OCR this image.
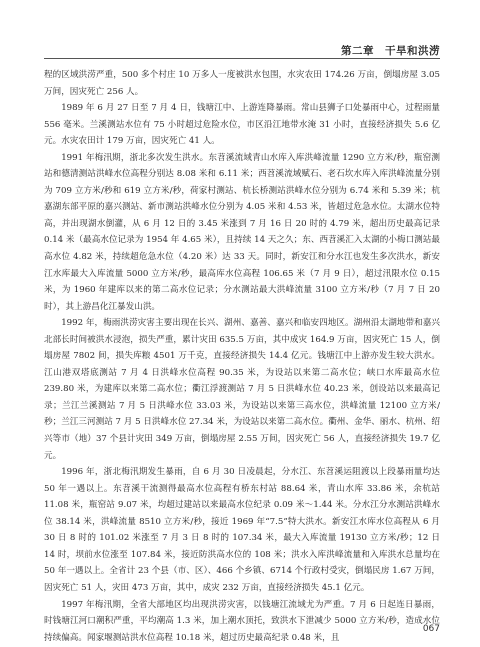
第二章　干旱和洪涝

程的区域洪涝严重，500 多个村庄 10 万多人一度被洪水包围，水灾农田 174.26 万亩，倒塌房屋 3.05 万间，因灾死亡 256 人。

1989 年 6 月 27 日至 7 月 4 日，钱塘江中、上游连降暴雨。常山县狮子口处暴雨中心，过程雨量 556 毫米。兰溪测站水位有 75 小时超过危险水位，市区沿江地带水淹 31 小时，直接经济损失 5.6 亿元。水灾农田计 179 万亩，因灾死亡 41 人。

1991 年梅汛期，浙北多次发生洪水。东苕溪流域青山水库入库洪峰流量 1290 立方米/秒，瓶窑测站和德清测站洪峰水位高程分别达 8.08 米和 6.11 米；西苕溪流域赋石、老石坎水库入库洪峰流量分别为 709 立方米/秒和 619 立方米/秒，荷家村测站、杭长桥测站洪峰水位分别为 6.74 米和 5.39 米；杭嘉湖东部平原的嘉兴测站、新市测站洪峰水位分别为 4.05 米和 4.53 米，皆超过危急水位。太湖水位特高，并出现湖水倒灌，从 6 月 12 日的 3.45 米涨到 7 月 16 日 20 时的 4.79 米，超出历史最高记录 0.14 米（最高水位记录为 1954 年 4.65 米），且持续 14 天之久；东、西苕溪汇入太湖的小梅口测站最高水位 4.82 米，持续超危急水位（4.20 米）达 33 天。同时，新安江和分水江也发生多次洪水，新安江水库最大入库流量 5000 立方米/秒，最高库水位高程 106.65 米（7 月 9 日），超过汛限水位 0.15 米，为 1960 年建库以来的第二高水位记录；分水测站最大洪峰流量 3100 立方米/秒（7 月 7 日 20 时），其上游昌化江暴发山洪。

1992 年，梅雨洪涝灾害主要出现在长兴、湖州、嘉善、嘉兴和临安四地区。湖州沿太湖地带和嘉兴北部长时间被洪水浸泡，损失严重，累计灾田 635.5 万亩，其中成灾 164.9 万亩，因灾死亡 15 人，倒塌房屋 7802 间，损失库粮 4501 万千克，直接经济损失 14.4 亿元。钱塘江中上游亦发生较大洪水。江山港双塔底测站 7 月 4 日洪峰水位高程 90.35 米，为设站以来第二高水位；峡口水库最高水位 239.80 米，为建库以来第二高水位；衢江浮渡测站 7 月 5 日洪峰水位 40.23 米，创设站以来最高记录；兰江兰溪测站 7 月 5 日洪峰水位 33.03 米，为设站以来第三高水位，洪峰流量 12100 立方米/秒；兰江三河测站 7 月 5 日洪峰水位 27.34 米，为设站以来第二高水位。衢州、金华、丽水、杭州、绍兴等市（地）37 个县计灾田 349 万亩，倒塌房屋 2.55 万间，因灾死亡 56 人，直接经济损失 19.7 亿元。

1996 年，浙北梅汛期发生暴雨，自 6 月 30 日凌晨起，分水江、东苕溪运阻渡以上段暴雨量均达 50 年一遇以上。东苕溪干流测得最高水位高程有桥东村站 88.64 米，青山水库 33.86 米，余杭站 11.08 米，瓶窑站 9.07 米，均超过建站以来最高水位纪录 0.09 米～1.44 米。分水江分水测站洪峰水位 38.14 米，洪峰流量 8510 立方米/秒，接近 1969 年“7.5”特大洪水。新安江水库水位高程从 6 月 30 日 8 时的 101.02 米涨至 7 月 3 日 8 时的 107.34 米，最大入库流量 19130 立方米/秒；12 日 14 时，坝前水位涨至 107.84 米，接近防洪高水位的 108 米；洪水入库洪峰流量和入库洪水总量均在 50 年一遇以上。全省计 23 个县（市、区）、466 个乡镇、6714 个行政村受灾，倒塌民房 1.67 万间，因灾死亡 51 人，灾田 473 万亩，其中，成灾 232 万亩，直接经济损失 45.1 亿元。

1997 年梅汛期，全省大部地区均出现洪涝灾害，以钱塘江流域尤为严重。7 月 6 日起连日暴雨，时钱塘江河口潮积严重，平均潮高 1.3 米，加上潮水顶托，致洪水下泄减少 5000 立方米/秒，造成水位持续偏高。闻家堰测站洪水位高程 10.18 米，超过历史最高纪录 0.48 米，且

067
